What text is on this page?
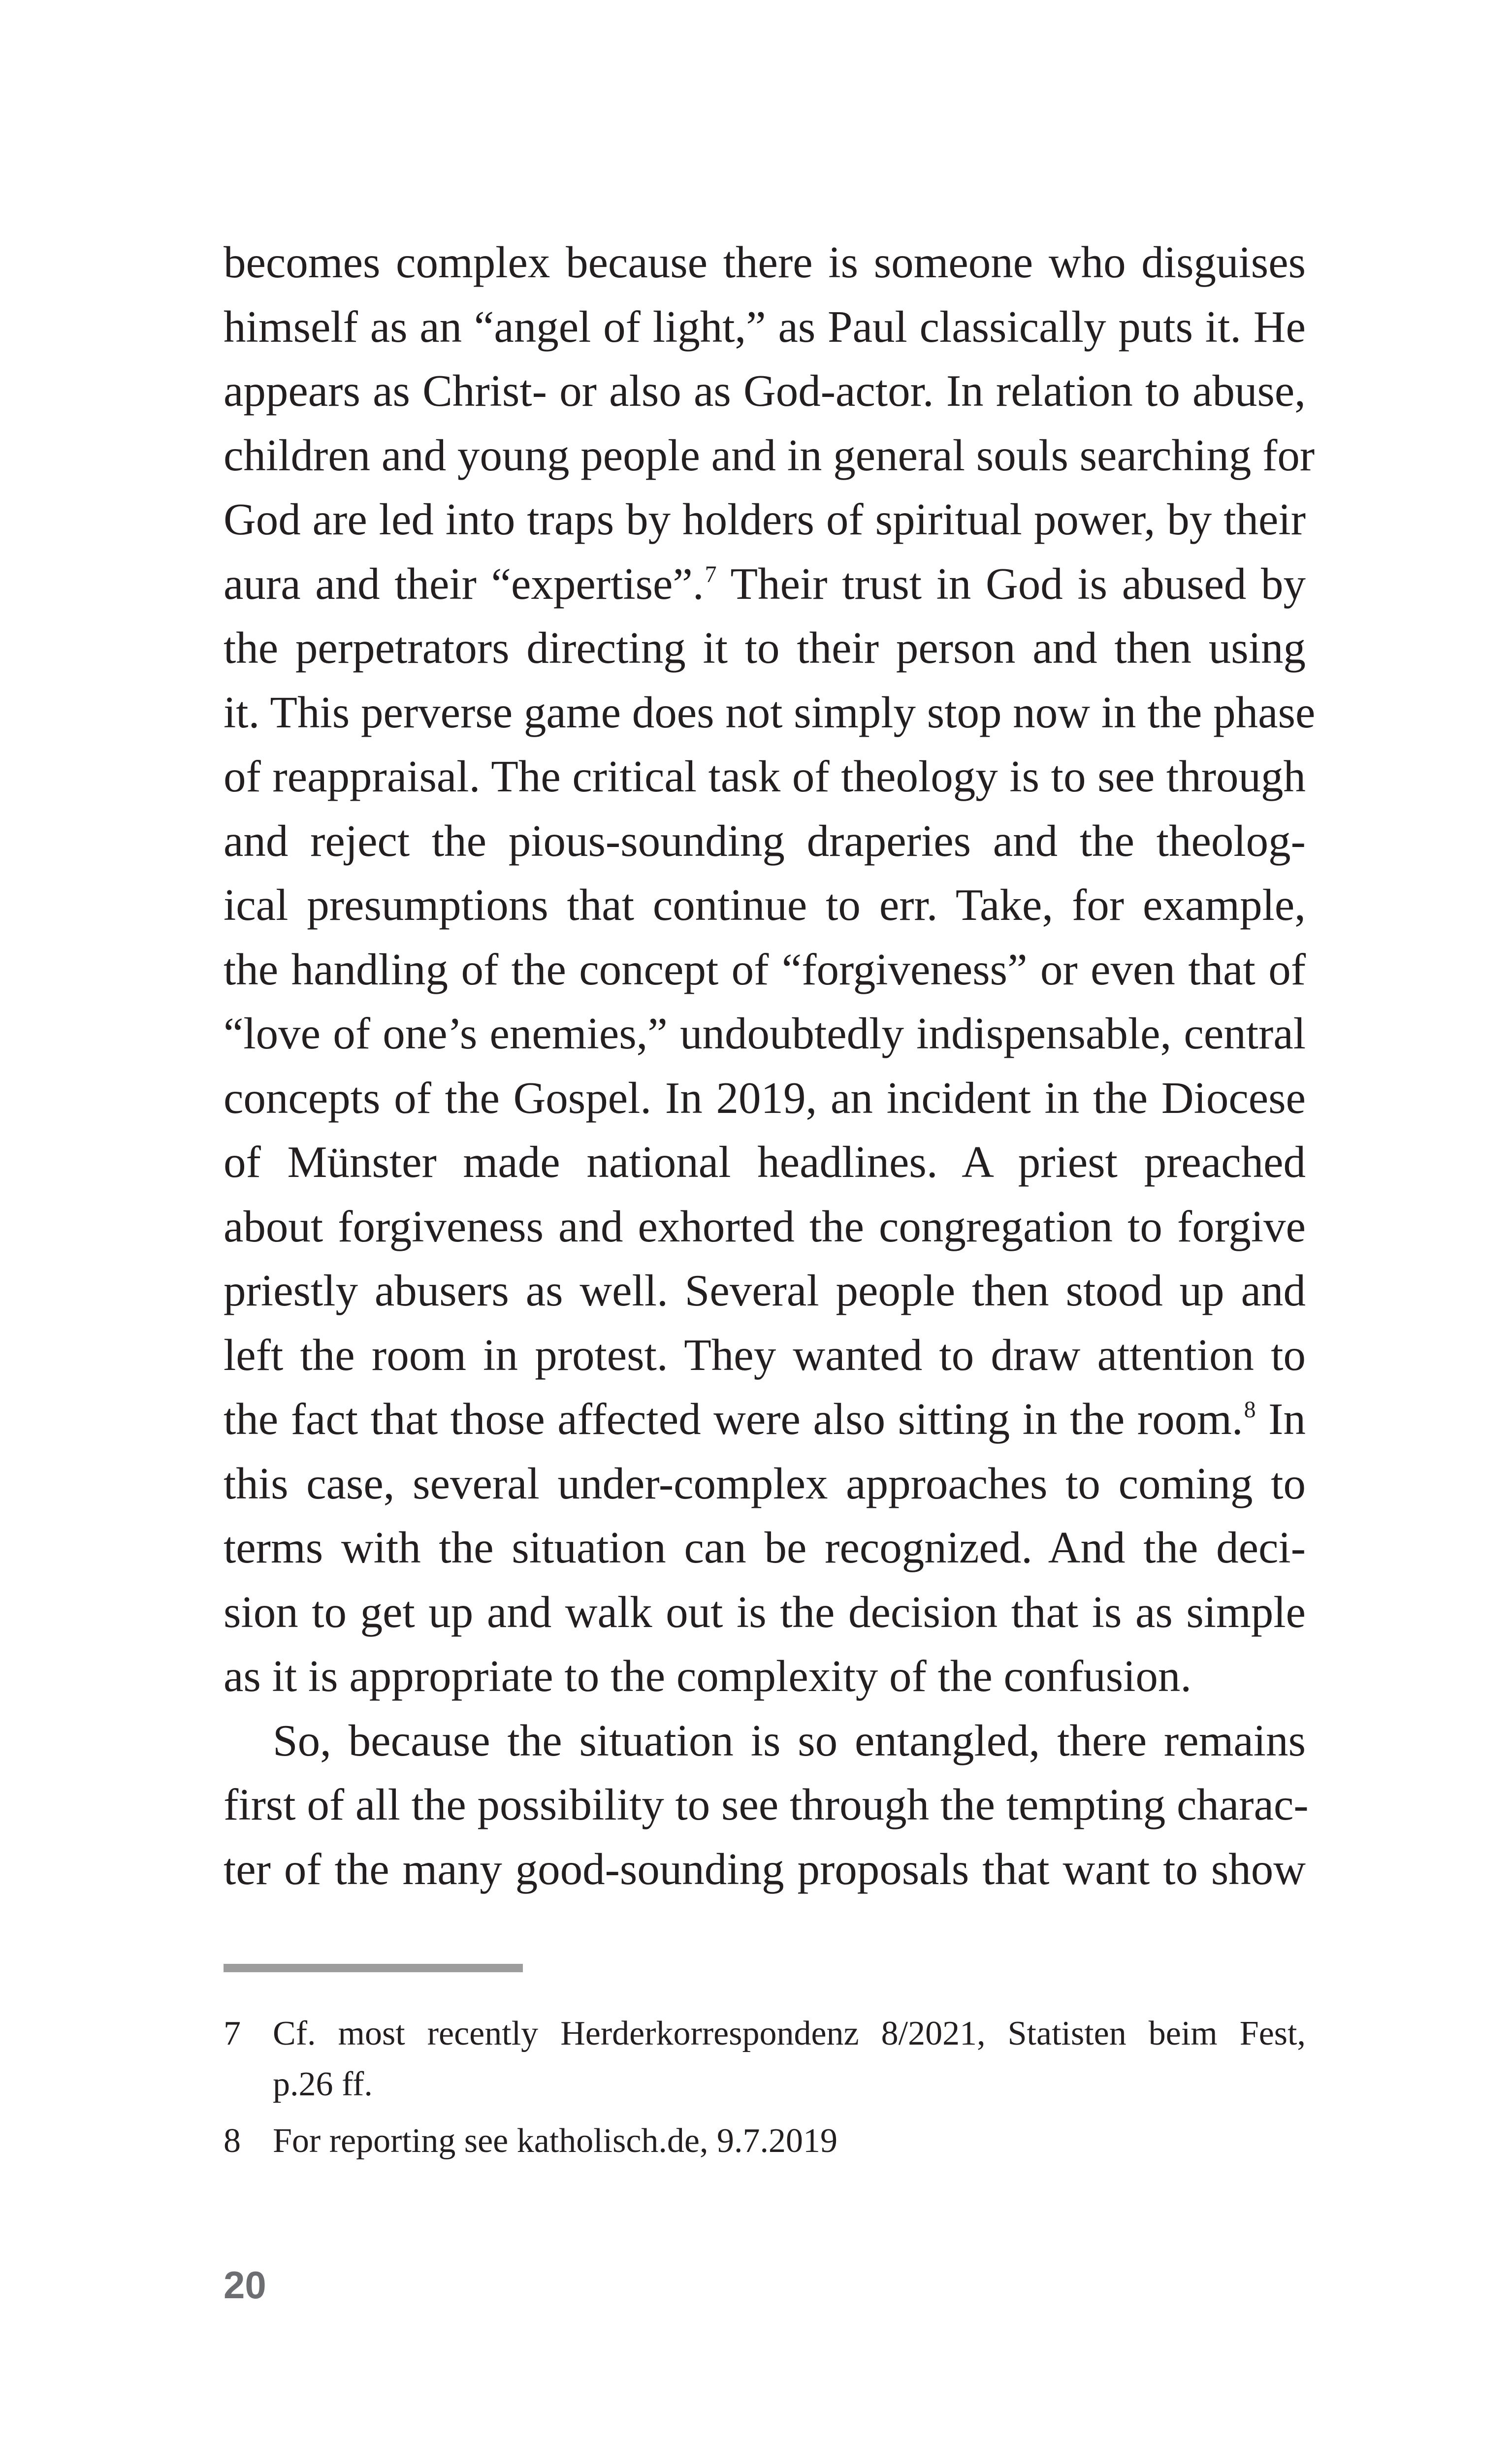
becomes complex because there is someone who disguises
himself as an “angel of light,” as Paul classically puts it. He
appears as Christ- or also as God-actor. In relation to abuse,
children and young people and in general souls searching for
God are led into traps by holders of spiritual power, by their
aura and their “expertise”.$^7$ Their trust in God is abused by
the perpetrators directing it to their person and then using
it. This perverse game does not simply stop now in the phase
of reappraisal. The critical task of theology is to see through
and reject the pious-sounding draperies and the theolog-
ical presumptions that continue to err. Take, for example,
the handling of the concept of “forgiveness” or even that of
“love of one’s enemies,” undoubtedly indispensable, central
concepts of the Gospel. In 2019, an incident in the Diocese
of Münster made national headlines. A priest preached
about forgiveness and exhorted the congregation to forgive
priestly abusers as well. Several people then stood up and
left the room in protest. They wanted to draw attention to
the fact that those affected were also sitting in the room.$^8$ In
this case, several under-complex approaches to coming to
terms with the situation can be recognized. And the deci-
sion to get up and walk out is the decision that is as simple
as it is appropriate to the complexity of the confusion.
So, because the situation is so entangled, there remains
first of all the possibility to see through the tempting charac-
ter of the many good-sounding proposals that want to show
7 Cf. most recently Herderkorrespondenz 8/2021, Statisten beim Fest,
p.26 ff.
8 For reporting see katholisch.de, 9.7.2019
20
